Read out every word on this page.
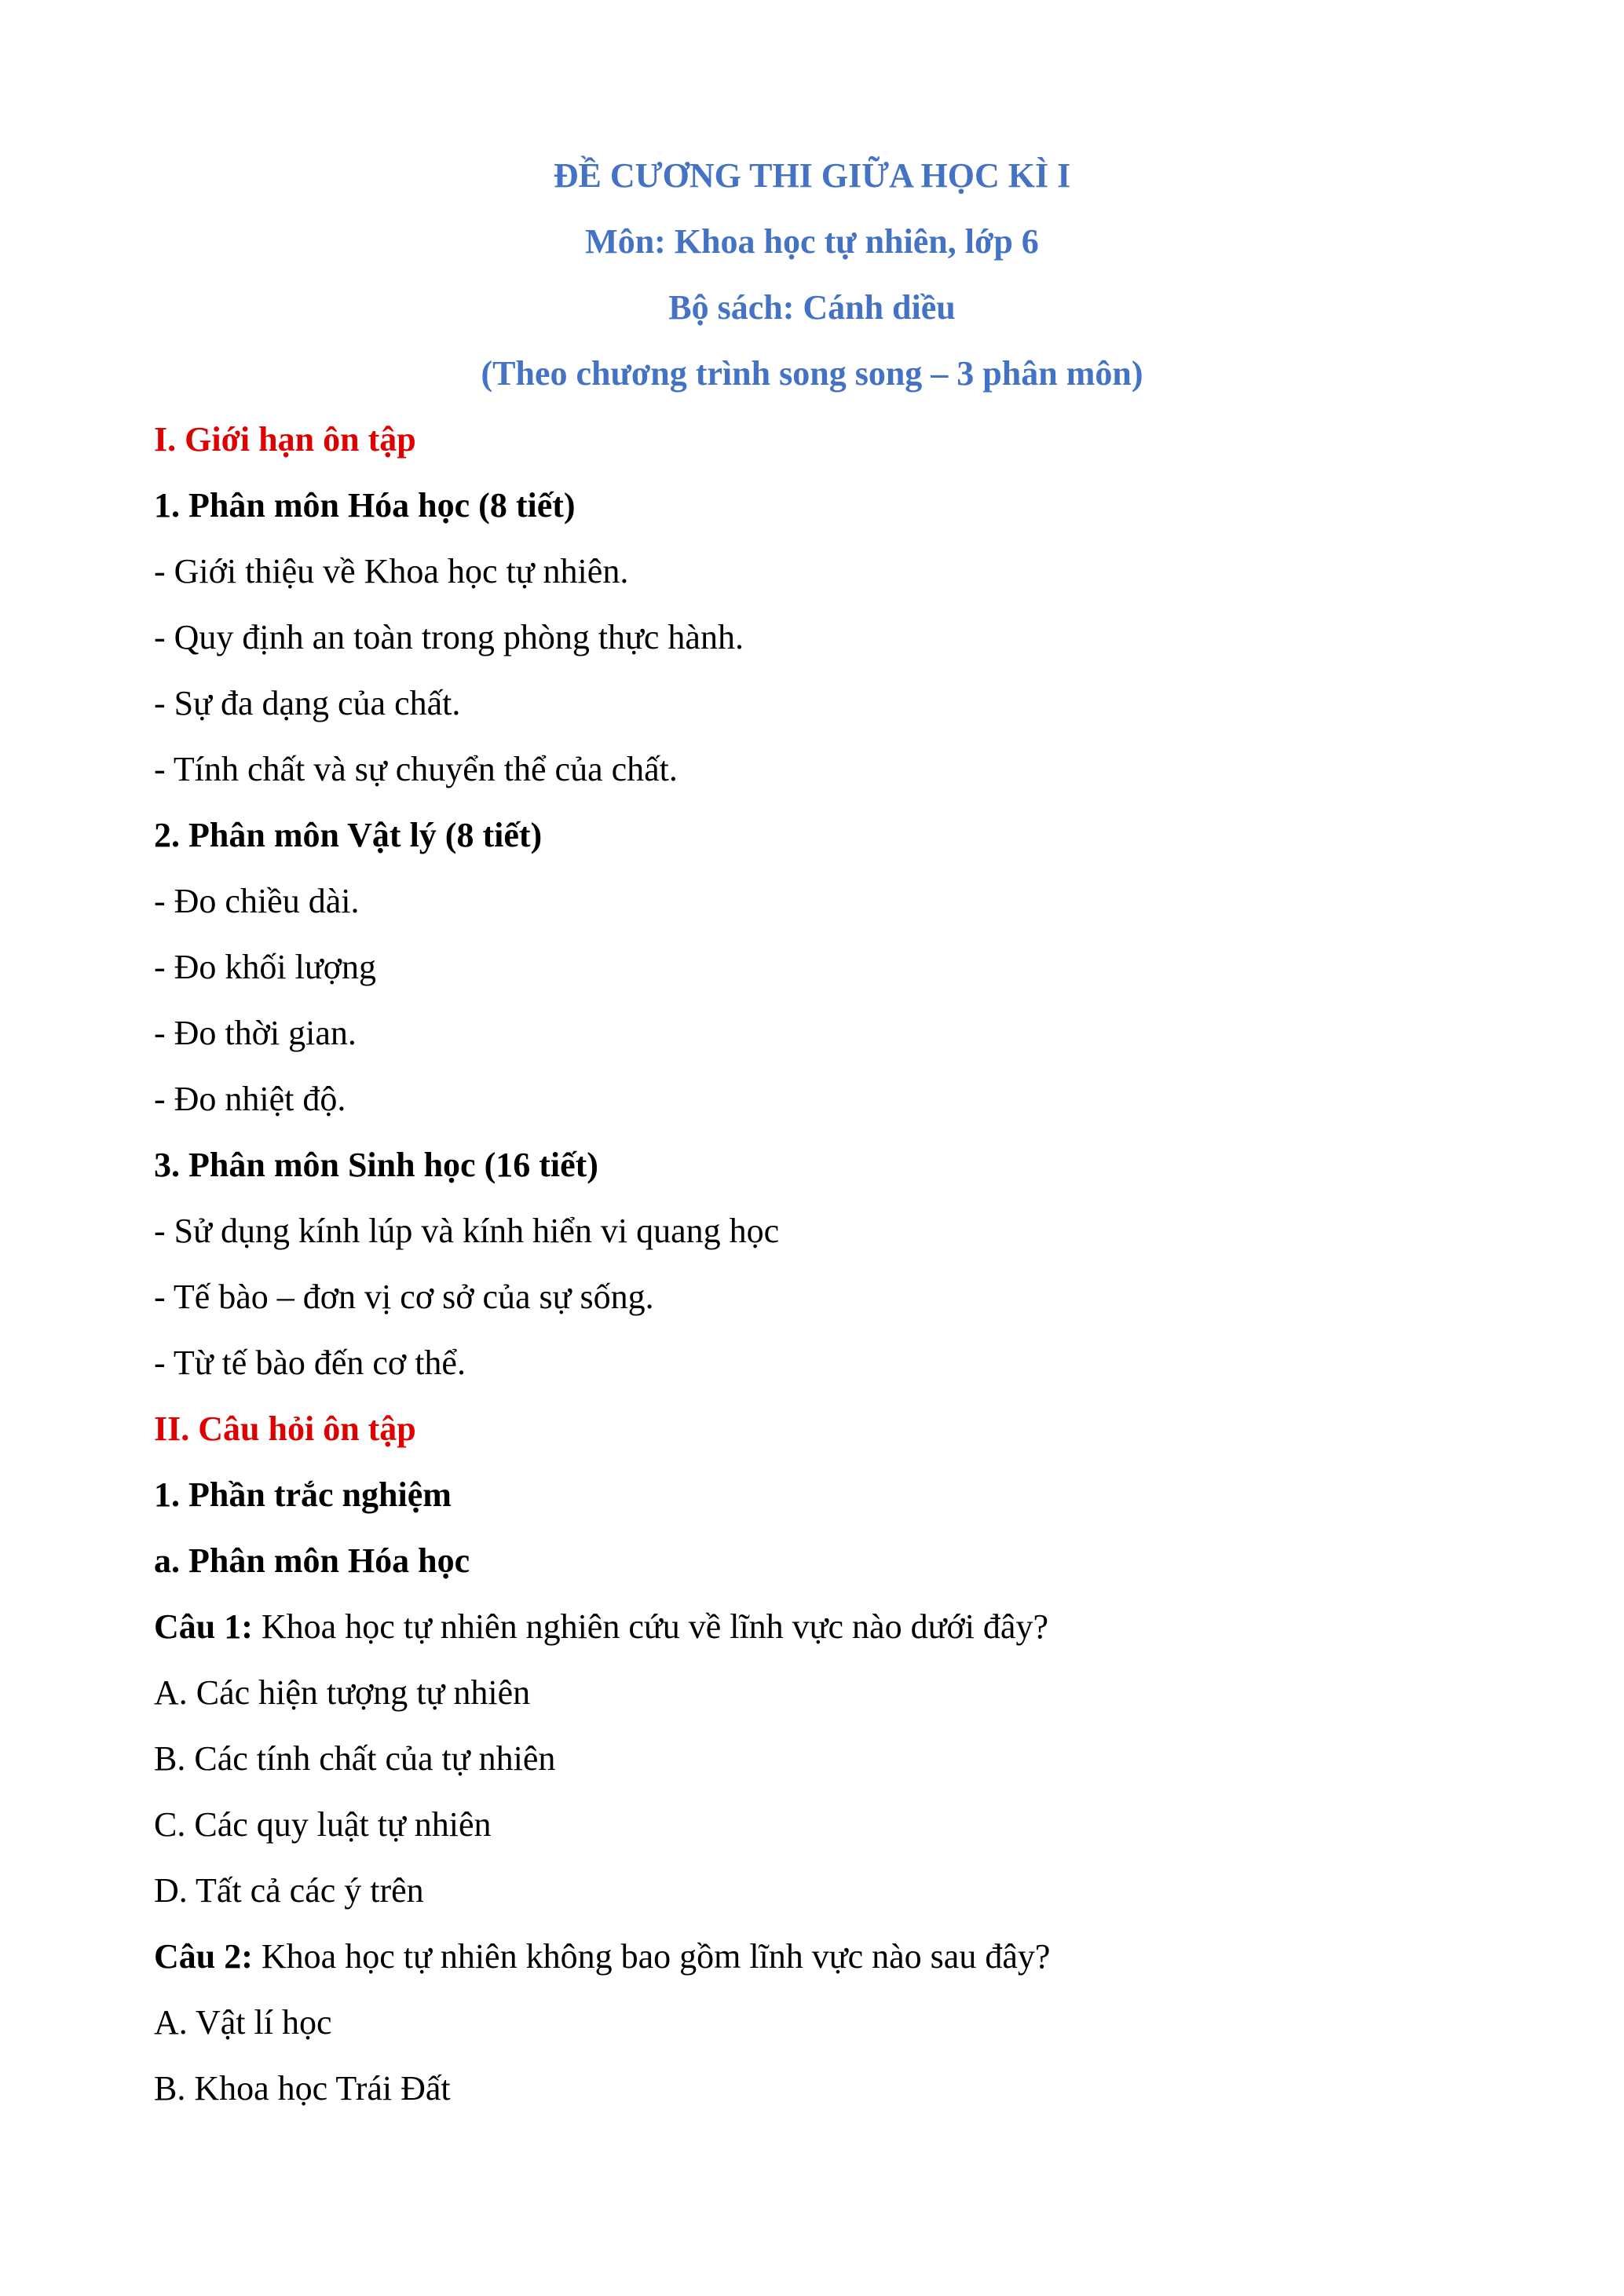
ĐỀ CƯƠNG THI GIỮA HỌC KÌ I
Môn: Khoa học tự nhiên, lớp 6
Bộ sách: Cánh diều
(Theo chương trình song song – 3 phân môn)
I. Giới hạn ôn tập
1. Phân môn Hóa học (8 tiết)
- Giới thiệu về Khoa học tự nhiên.
- Quy định an toàn trong phòng thực hành.
- Sự đa dạng của chất.
- Tính chất và sự chuyển thể của chất.
2. Phân môn Vật lý (8 tiết)
- Đo chiều dài.
- Đo khối lượng
- Đo thời gian.
- Đo nhiệt độ.
3. Phân môn Sinh học (16 tiết)
- Sử dụng kính lúp và kính hiển vi quang học
- Tế bào – đơn vị cơ sở của sự sống.
- Từ tế bào đến cơ thể.
II. Câu hỏi ôn tập
1. Phần trắc nghiệm
a. Phân môn Hóa học
Câu 1: Khoa học tự nhiên nghiên cứu về lĩnh vực nào dưới đây?
A. Các hiện tượng tự nhiên
B. Các tính chất của tự nhiên
C. Các quy luật tự nhiên
D. Tất cả các ý trên
Câu 2: Khoa học tự nhiên không bao gồm lĩnh vực nào sau đây?
A. Vật lí học
B. Khoa học Trái Đất
